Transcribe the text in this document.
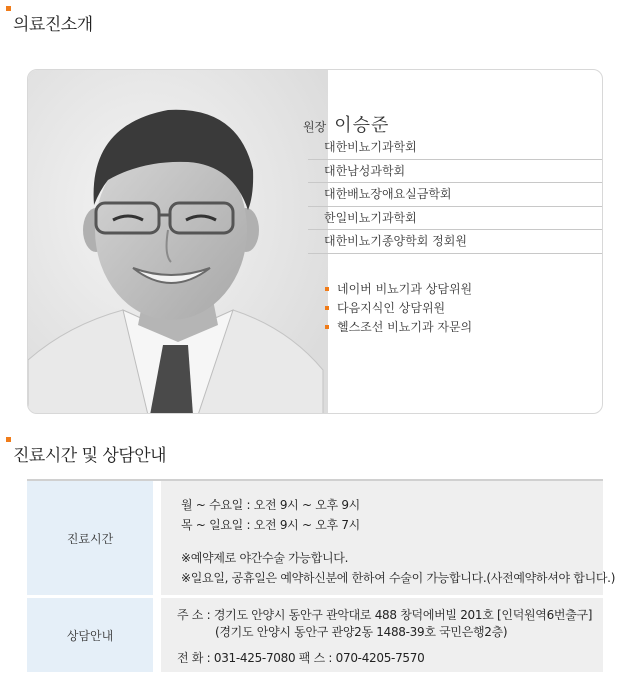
의료진소개
원장 이승준
대한비뇨기과학회
대한남성과학회
대한배뇨장애요실금학회
한일비뇨기과학회
대한비뇨기종양학회 정회원
네이버 비뇨기과 상담위원
다음지식인 상담위원
헬스조선 비뇨기과 자문의
진료시간 및 상담안내
진료시간
월 ~ 수요일 : 오전 9시 ~ 오후 9시
목 ~ 일요일 : 오전 9시 ~ 오후 7시
※예약제로 야간수술 가능합니다.
※일요일, 공휴일은 예약하신분에 한하여 수술이 가능합니다.(사전예약하셔야 합니다.)
상담안내
주 소 : 경기도 안양시 동안구 관악대로 488 창덕에버빌 201호 [인덕원역6번출구]
(경기도 안양시 동안구 관양2동 1488-39호 국민은행2층)
전 화 : 031-425-7080 팩 스 : 070-4205-7570
